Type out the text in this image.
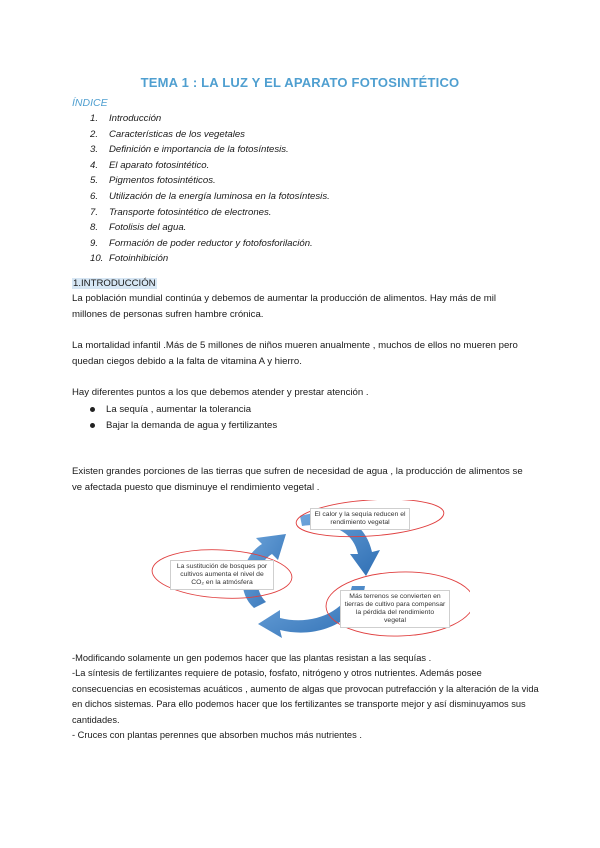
TEMA 1 : LA LUZ Y EL APARATO FOTOSINTÉTICO
ÍNDICE
1. Introducción
2. Características de los vegetales
3. Definición e importancia de la fotosíntesis.
4. El aparato fotosintético.
5. Pigmentos fotosintéticos.
6. Utilización de la energía luminosa en la fotosíntesis.
7. Transporte fotosintético de electrones.
8. Fotolisis del agua.
9. Formación de poder reductor y fotofosforilación.
10. Fotoinhibición
1.INTRODUCCIÓN

La población mundial continúa y debemos de aumentar la producción de alimentos. Hay más de mil millones de personas sufren hambre crónica.

La mortalidad infantil .Más de 5 millones de niños mueren anualmente , muchos de ellos no mueren pero quedan ciegos debido a la falta de vitamina A y hierro.

Hay diferentes puntos a los que debemos atender y prestar atención .

La sequía , aumentar la tolerancia
Bajar la demanda de agua y fertilizantes

Existen grandes porciones de las tierras que sufren de necesidad de agua , la producción de alimentos se ve afectada puesto que disminuye el rendimiento vegetal .

El calor y la sequía reducen el rendimiento vegetal
Más terrenos se convierten en tierras de cultivo para compensar la pérdida del rendimiento vegetal
La sustitución de bosques por cultivos aumenta el nivel de CO₂ en la atmósfera
-Modificando solamente un gen podemos hacer que las plantas resistan a las sequías .
-La síntesis de fertilizantes requiere de potasio, fosfato, nitrógeno y otros nutrientes. Además posee consecuencias en ecosistemas acuáticos , aumento de algas que provocan putrefacción y la alteración de la vida en dichos sistemas. Para ello podemos hacer que los fertilizantes se transporte mejor y así disminuyamos sus cantidades.
- Cruces con plantas perennes que absorben muchos más nutrientes .
